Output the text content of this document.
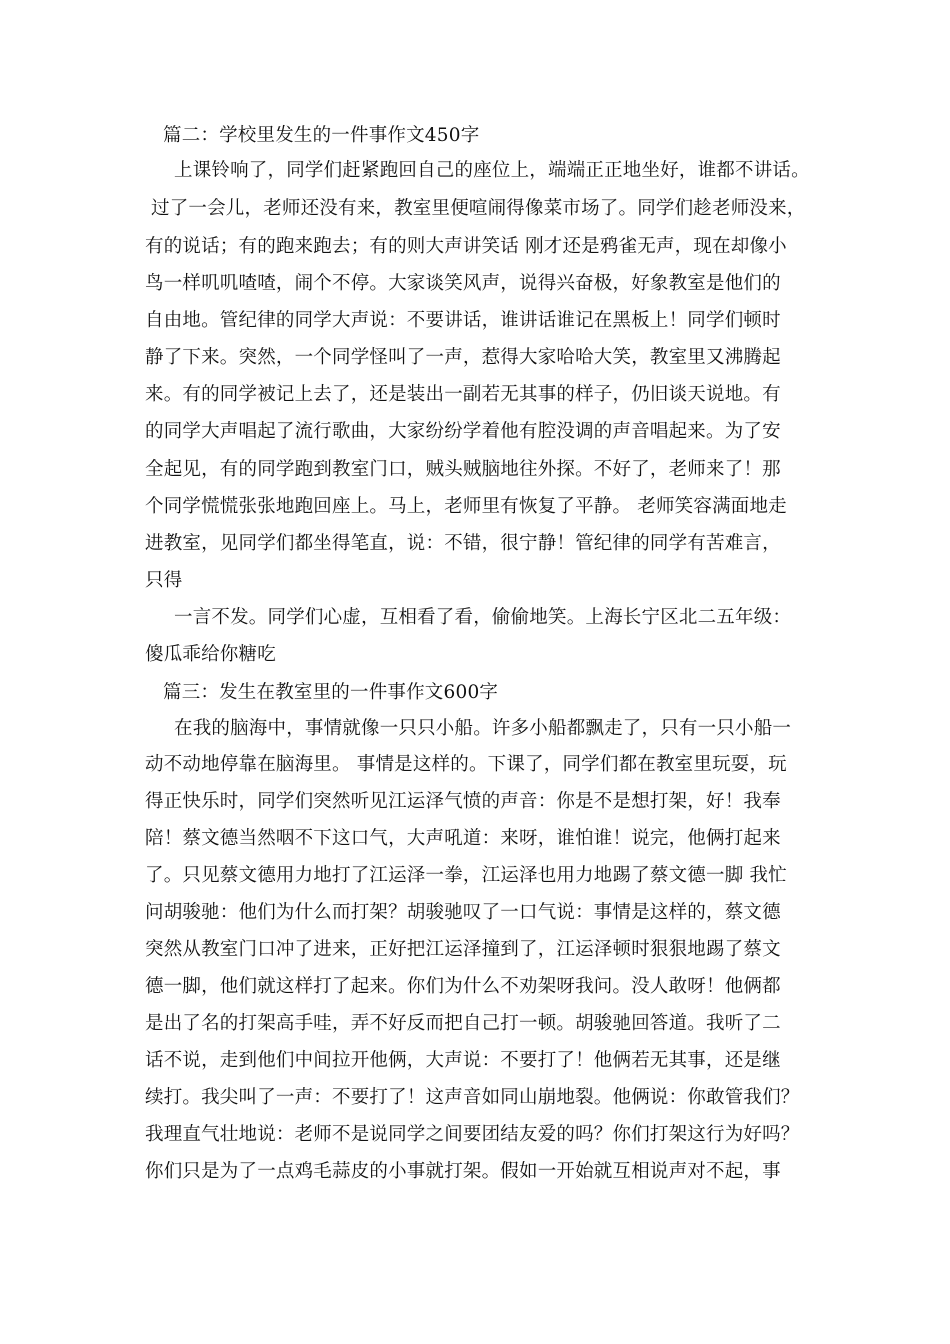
篇二：学校里发生的一件事作文450字
上课铃响了，同学们赶紧跑回自己的座位上，端端正正地坐好，谁都不讲话。
过了一会儿，老师还没有来，教室里便喧闹得像菜市场了。同学们趁老师没来，
有的说话；有的跑来跑去；有的则大声讲笑话 刚才还是鸦雀无声，现在却像小
鸟一样叽叽喳喳，闹个不停。大家谈笑风声，说得兴奋极，好象教室是他们的
自由地。管纪律的同学大声说：不要讲话，谁讲话谁记在黑板上！同学们顿时
静了下来。突然，一个同学怪叫了一声，惹得大家哈哈大笑，教室里又沸腾起
来。有的同学被记上去了，还是装出一副若无其事的样子，仍旧谈天说地。有
的同学大声唱起了流行歌曲，大家纷纷学着他有腔没调的声音唱起来。为了安
全起见，有的同学跑到教室门口，贼头贼脑地往外探。不好了，老师来了！那
个同学慌慌张张地跑回座上。马上，老师里有恢复了平静。 老师笑容满面地走
进教室，见同学们都坐得笔直，说：不错，很宁静！管纪律的同学有苦难言，
只得
一言不发。同学们心虚，互相看了看，偷偷地笑。上海长宁区北二五年级：
傻瓜乖给你糖吃
篇三：发生在教室里的一件事作文600字
在我的脑海中，事情就像一只只小船。许多小船都飘走了，只有一只小船一
动不动地停靠在脑海里。 事情是这样的。下课了，同学们都在教室里玩耍，玩
得正快乐时，同学们突然听见江运泽气愤的声音：你是不是想打架，好！我奉
陪！蔡文德当然咽不下这口气，大声吼道：来呀，谁怕谁！说完，他俩打起来
了。只见蔡文德用力地打了江运泽一拳，江运泽也用力地踢了蔡文德一脚 我忙
问胡骏驰：他们为什么而打架？胡骏驰叹了一口气说：事情是这样的，蔡文德
突然从教室门口冲了进来，正好把江运泽撞到了，江运泽顿时狠狠地踢了蔡文
德一脚，他们就这样打了起来。你们为什么不劝架呀我问。没人敢呀！他俩都
是出了名的打架高手哇，弄不好反而把自己打一顿。胡骏驰回答道。我听了二
话不说，走到他们中间拉开他俩，大声说：不要打了！他俩若无其事，还是继
续打。我尖叫了一声：不要打了！这声音如同山崩地裂。他俩说：你敢管我们？
我理直气壮地说：老师不是说同学之间要团结友爱的吗？你们打架这行为好吗？
你们只是为了一点鸡毛蒜皮的小事就打架。假如一开始就互相说声对不起，事
